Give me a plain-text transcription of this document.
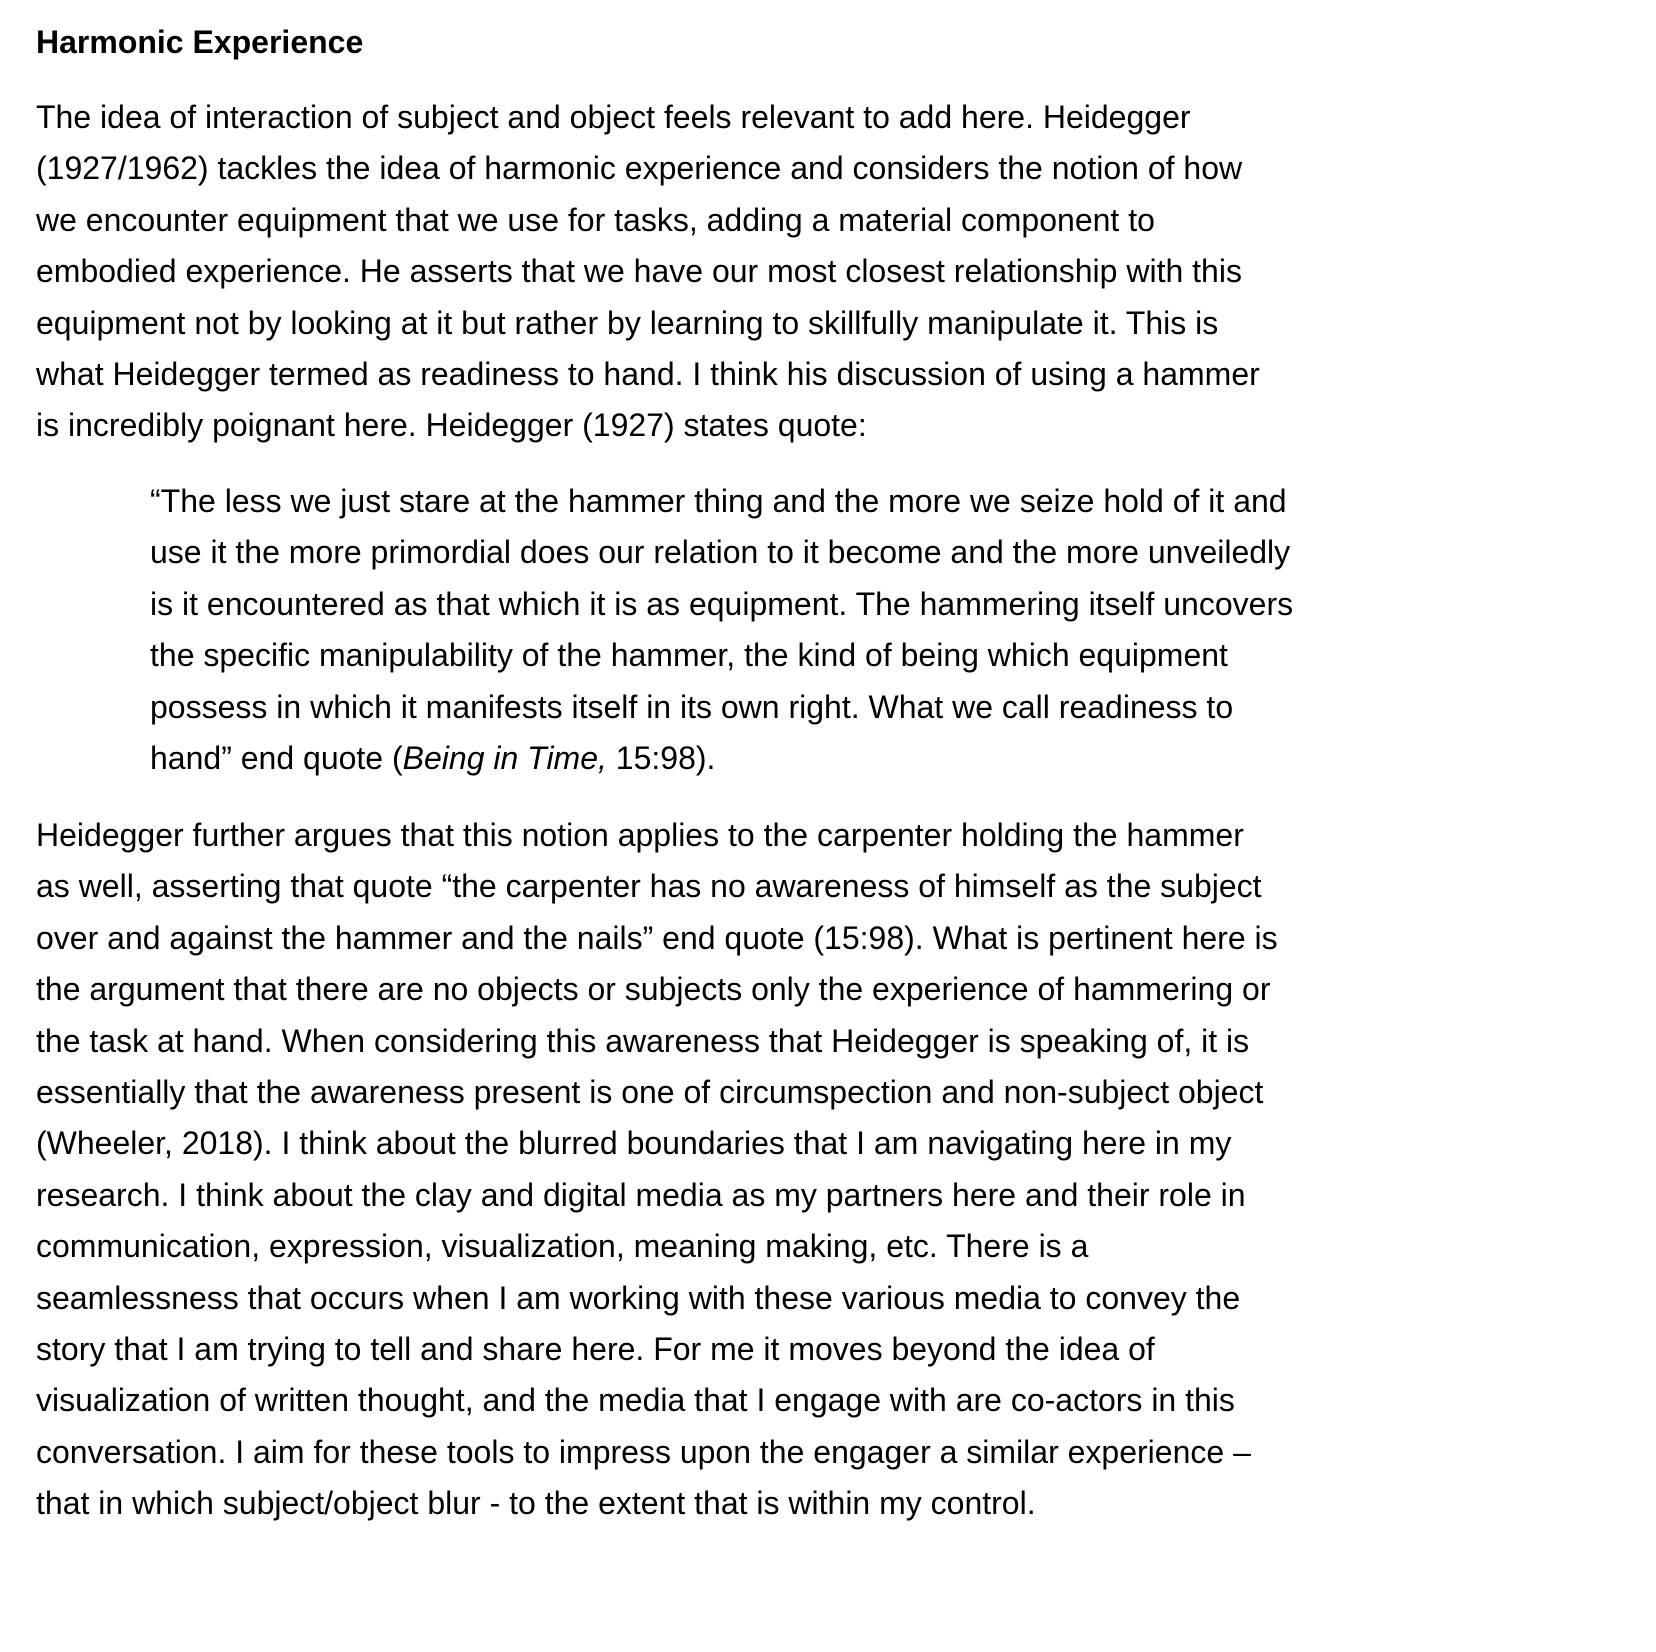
Harmonic Experience
The idea of interaction of subject and object feels relevant to add here. Heidegger
(1927/1962) tackles the idea of harmonic experience and considers the notion of how
we encounter equipment that we use for tasks, adding a material component to
embodied experience. He asserts that we have our most closest relationship with this
equipment not by looking at it but rather by learning to skillfully manipulate it. This is
what Heidegger termed as readiness to hand. I think his discussion of using a hammer
is incredibly poignant here. Heidegger (1927) states quote:
“The less we just stare at the hammer thing and the more we seize hold of it and
use it the more primordial does our relation to it become and the more unveiledly
is it encountered as that which it is as equipment. The hammering itself uncovers
the specific manipulability of the hammer, the kind of being which equipment
possess in which it manifests itself in its own right. What we call readiness to
hand” end quote (Being in Time, 15:98).
Heidegger further argues that this notion applies to the carpenter holding the hammer
as well, asserting that quote “the carpenter has no awareness of himself as the subject
over and against the hammer and the nails” end quote (15:98). What is pertinent here is
the argument that there are no objects or subjects only the experience of hammering or
the task at hand. When considering this awareness that Heidegger is speaking of, it is
essentially that the awareness present is one of circumspection and non-subject object
(Wheeler, 2018). I think about the blurred boundaries that I am navigating here in my
research. I think about the clay and digital media as my partners here and their role in
communication, expression, visualization, meaning making, etc. There is a
seamlessness that occurs when I am working with these various media to convey the
story that I am trying to tell and share here. For me it moves beyond the idea of
visualization of written thought, and the media that I engage with are co-actors in this
conversation. I aim for these tools to impress upon the engager a similar experience –
that in which subject/object blur - to the extent that is within my control.
